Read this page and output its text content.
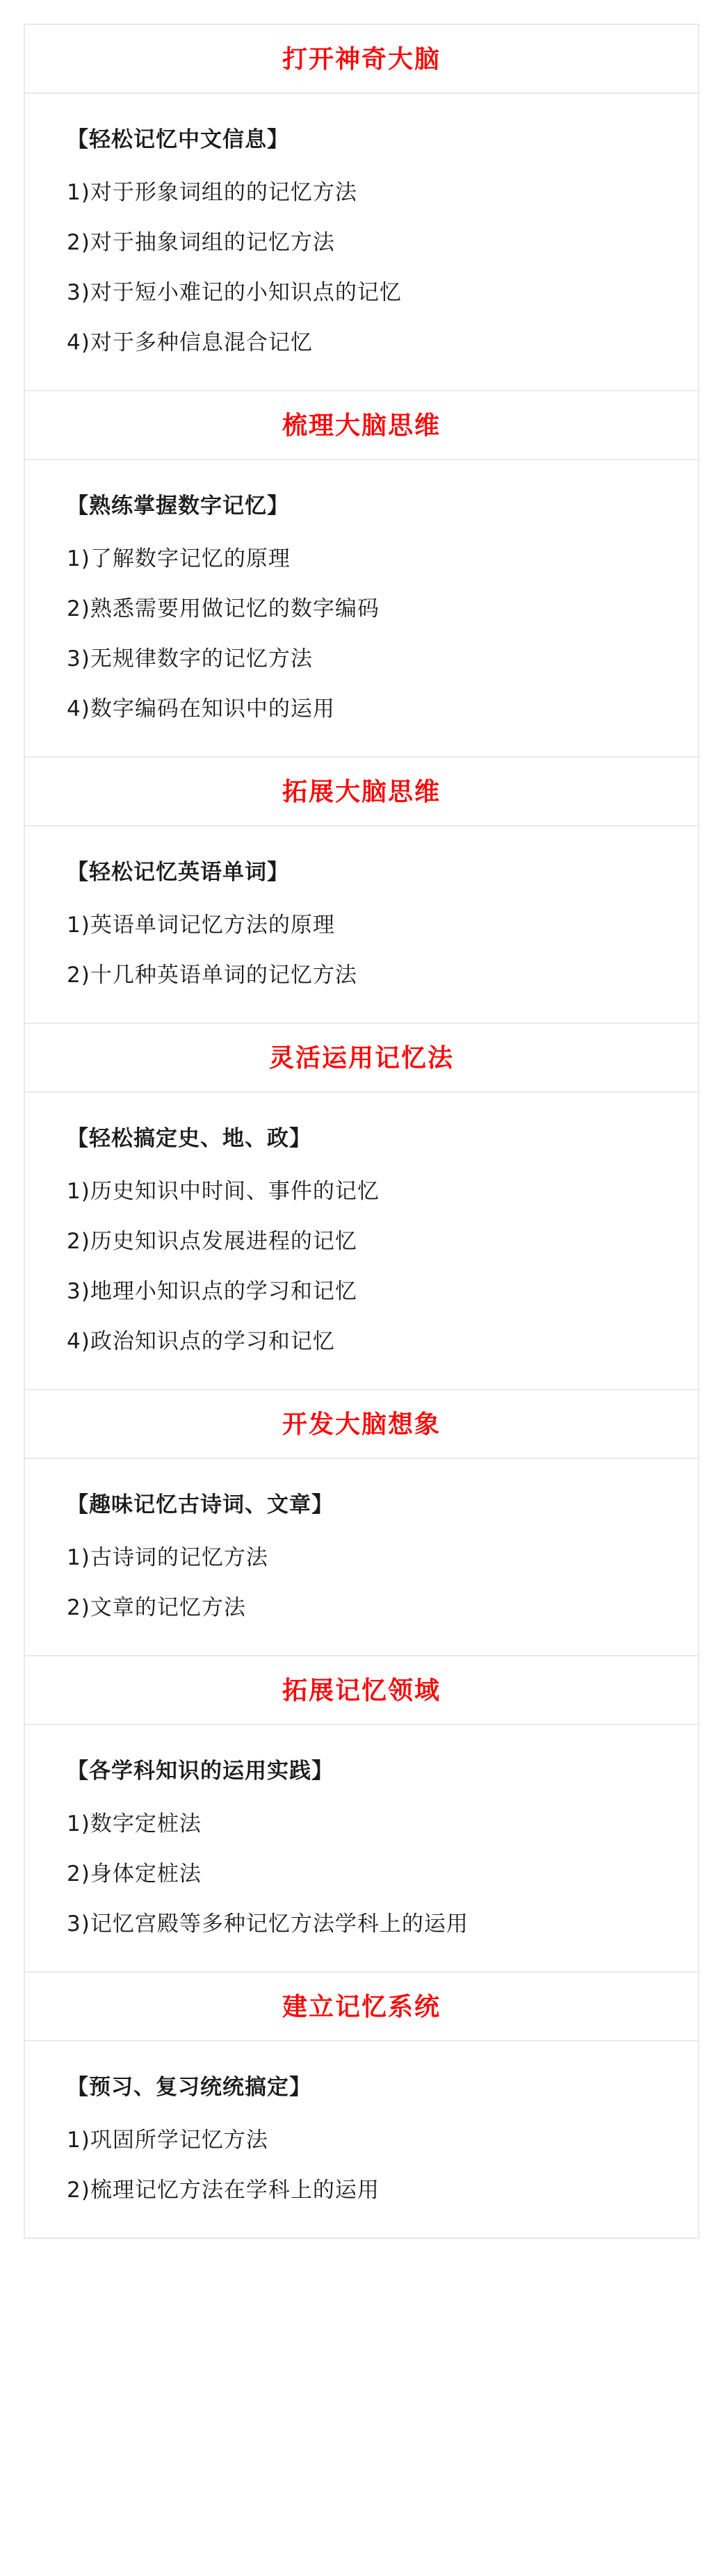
打开神奇大脑
【轻松记忆中文信息】
1)对于形象词组的的记忆方法
2)对于抽象词组的记忆方法
3)对于短小难记的小知识点的记忆
4)对于多种信息混合记忆
梳理大脑思维
【熟练掌握数字记忆】
1)了解数字记忆的原理
2)熟悉需要用做记忆的数字编码
3)无规律数字的记忆方法
4)数字编码在知识中的运用
拓展大脑思维
【轻松记忆英语单词】
1)英语单词记忆方法的原理
2)十几种英语单词的记忆方法
灵活运用记忆法
【轻松搞定史、地、政】
1)历史知识中时间、事件的记忆
2)历史知识点发展进程的记忆
3)地理小知识点的学习和记忆
4)政治知识点的学习和记忆
开发大脑想象
【趣味记忆古诗词、文章】
1)古诗词的记忆方法
2)文章的记忆方法
拓展记忆领域
【各学科知识的运用实践】
1)数字定桩法
2)身体定桩法
3)记忆宫殿等多种记忆方法学科上的运用
建立记忆系统
【预习、复习统统搞定】
1)巩固所学记忆方法
2)梳理记忆方法在学科上的运用
